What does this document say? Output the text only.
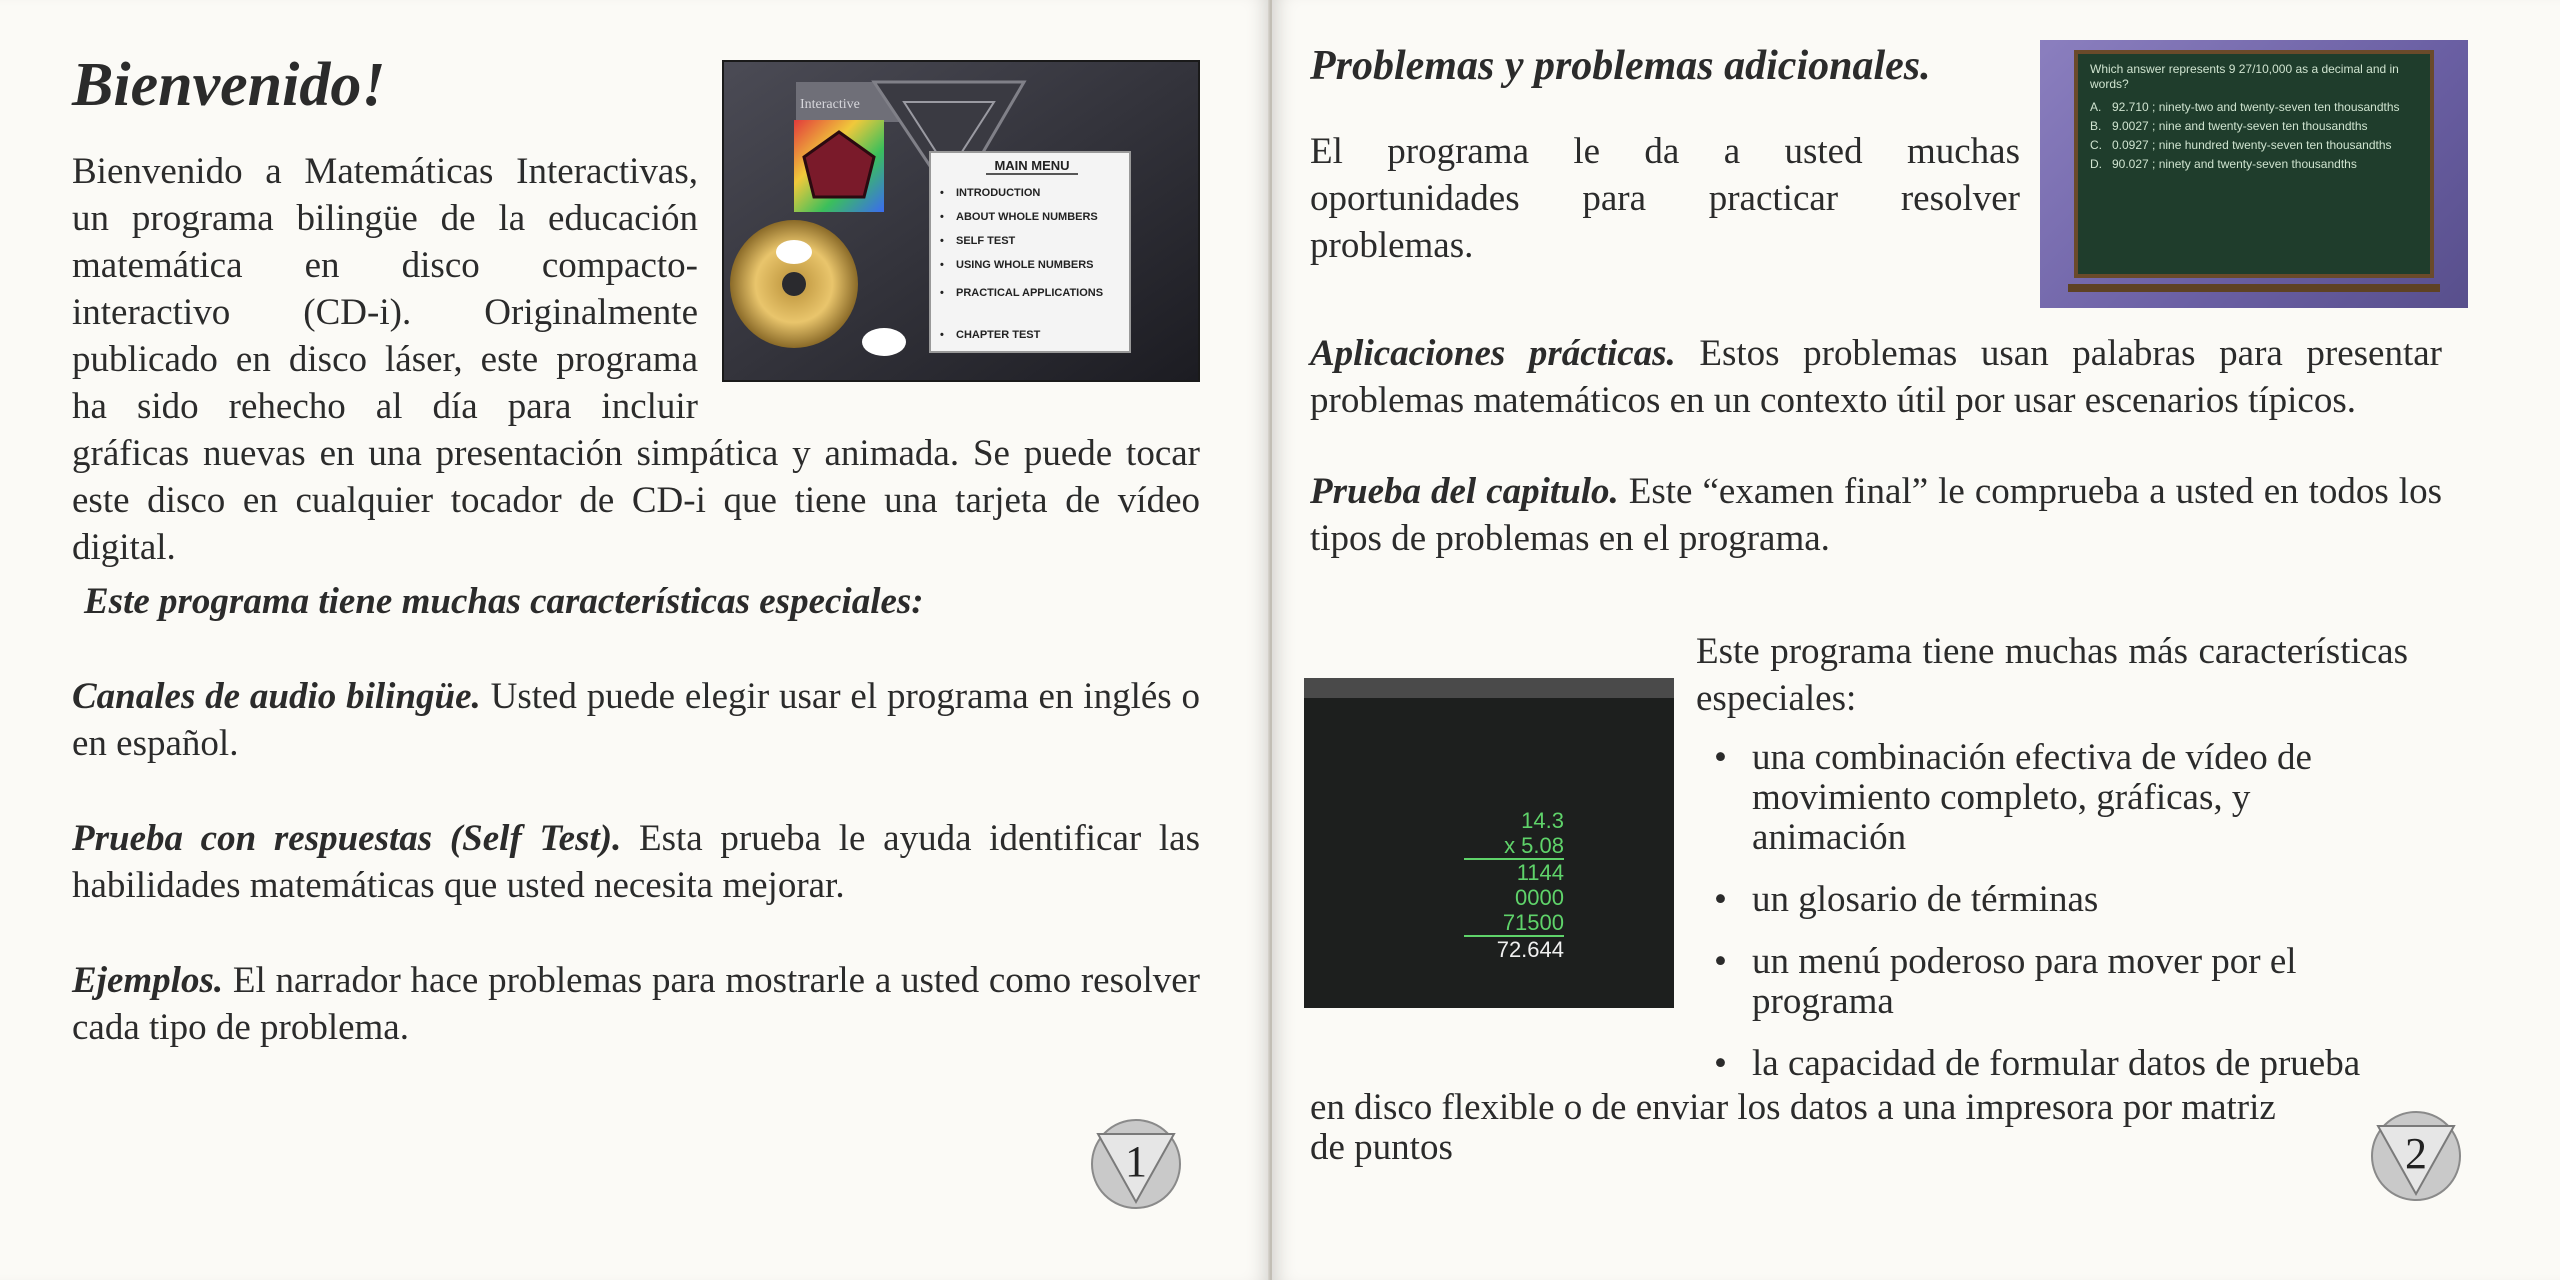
Bienvenido!
MAIN MENU
• INTRODUCTION
• ABOUT WHOLE NUMBERS
• SELF TEST
• USING WHOLE NUMBERS
• PRACTICAL APPLICATIONS
• CHAPTER TEST
Interactive

Bienvenido a Matemáticas Interactivas, un programa bilingüe de la educación matemática en disco compacto- interactivo (CD-i). Originalmente publicado en disco láser, este programa ha sido rehecho al día para incluir gráficas nuevas en una presentación simpática y animada. Se puede tocar este disco en cualquier tocador de CD-i que tiene una tarjeta de vídeo digital.

Este programa tiene muchas características especiales:

Canales de audio bilingüe. Usted puede elegir usar el programa en inglés o en español.

Prueba con respuestas (Self Test). Esta prueba le ayuda identificar las habilidades matemáticas que usted necesita mejorar.

Ejemplos. El narrador hace problemas para mostrarle a usted como resolver cada tipo de problema.

1
Problemas y problemas adicionales.

El programa le da a usted muchas oportunidades para practicar resolver problemas.

Which answer represents 9 27/10,000 as a decimal and in words?
A. 92.710 ; ninety-two and twenty-seven ten thousandths
B. 9.0027 ; nine and twenty-seven ten thousandths
C. 0.0927 ; nine hundred twenty-seven ten thousandths
D. 90.027 ; ninety and twenty-seven thousandths

Aplicaciones prácticas. Estos problemas usan palabras para presentar problemas matemáticos en un contexto útil por usar escenarios típicos.

Prueba del capitulo. Este “examen final” le comprueba a usted en todos los tipos de problemas en el programa.

14.3
x 5.08
1144
0000
71500
72.644

Este programa tiene muchas más características especiales:

• una combinación efectiva de vídeo de movimiento completo, gráficas, y animación
• un glosario de términas
• un menú poderoso para mover por el programa
• la capacidad de formular datos de prueba

en disco flexible o de enviar los datos a una impresora por matriz de puntos	2
